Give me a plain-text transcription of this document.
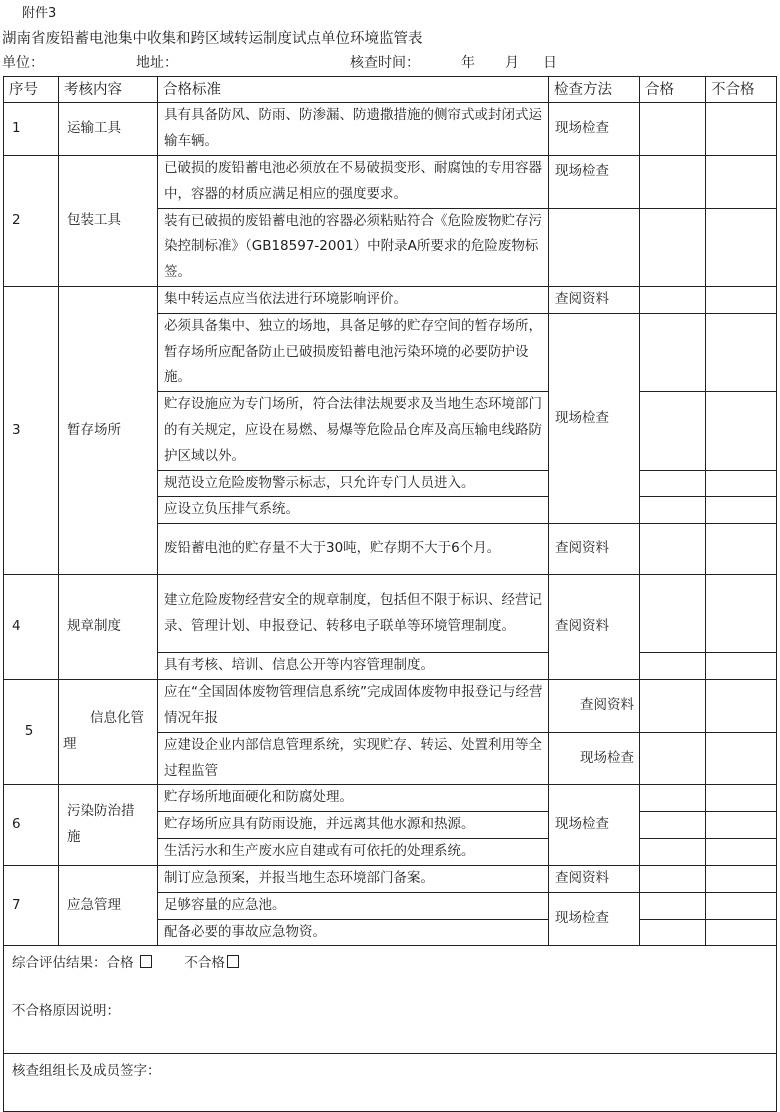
附件3
湖南省废铅蓄电池集中收集和跨区域转运制度试点单位环境监管表
单位：	地址：	核查时间：	年 月 日
序号	考核内容	合格标准	检查方法	合格	不合格
1	运输工具	具有具备防风、防雨、防渗漏、防遗撒措施的侧帘式或封闭式运输车辆。	现场检查		
2	包装工具	已破损的废铅蓄电池必须放在不易破损变形、耐腐蚀的专用容器中，容器的材质应满足相应的强度要求。	现场检查		
		装有已破损的废铅蓄电池的容器必须粘贴符合《危险废物贮存污染控制标准》（GB18597-2001）中附录A所要求的危险废物标签。			
3	暂存场所	集中转运点应当依法进行环境影响评价。	查阅资料		
		必须具备集中、独立的场地，具备足够的贮存空间的暂存场所，暂存场所应配备防止已破损废铅蓄电池污染环境的必要防护设施。	现场检查		
		贮存设施应为专门场所，符合法律法规要求及当地生态环境部门的有关规定，应设在易燃、易爆等危险品仓库及高压输电线路防护区域以外。			
		规范设立危险废物警示标志，只允许专门人员进入。			
		应设立负压排气系统。			
		废铅蓄电池的贮存量不大于30吨，贮存期不大于6个月。	查阅资料		
4	规章制度	建立危险废物经营安全的规章制度，包括但不限于标识、经营记录、管理计划、申报登记、转移电子联单等环境管理制度。	查阅资料		
		具有考核、培训、信息公开等内容管理制度。			
5	信息化管理	应在“全国固体废物管理信息系统”完成固体废物申报登记与经营情况年报	查阅资料		
		应建设企业内部信息管理系统，实现贮存、转运、处置利用等全过程监管	现场检查		
6	污染防治措施	贮存场所地面硬化和防腐处理。	现场检查		
		贮存场所应具有防雨设施，并远离其他水源和热源。			
		生活污水和生产废水应自建或有可依托的处理系统。			
7	应急管理	制订应急预案，并报当地生态环境部门备案。	查阅资料		
		足够容量的应急池。	现场检查		
		配备必要的事故应急物资。			

综合评估结果：合格 不合格
不合格原因说明：					

核查组组长及成员签字：					
